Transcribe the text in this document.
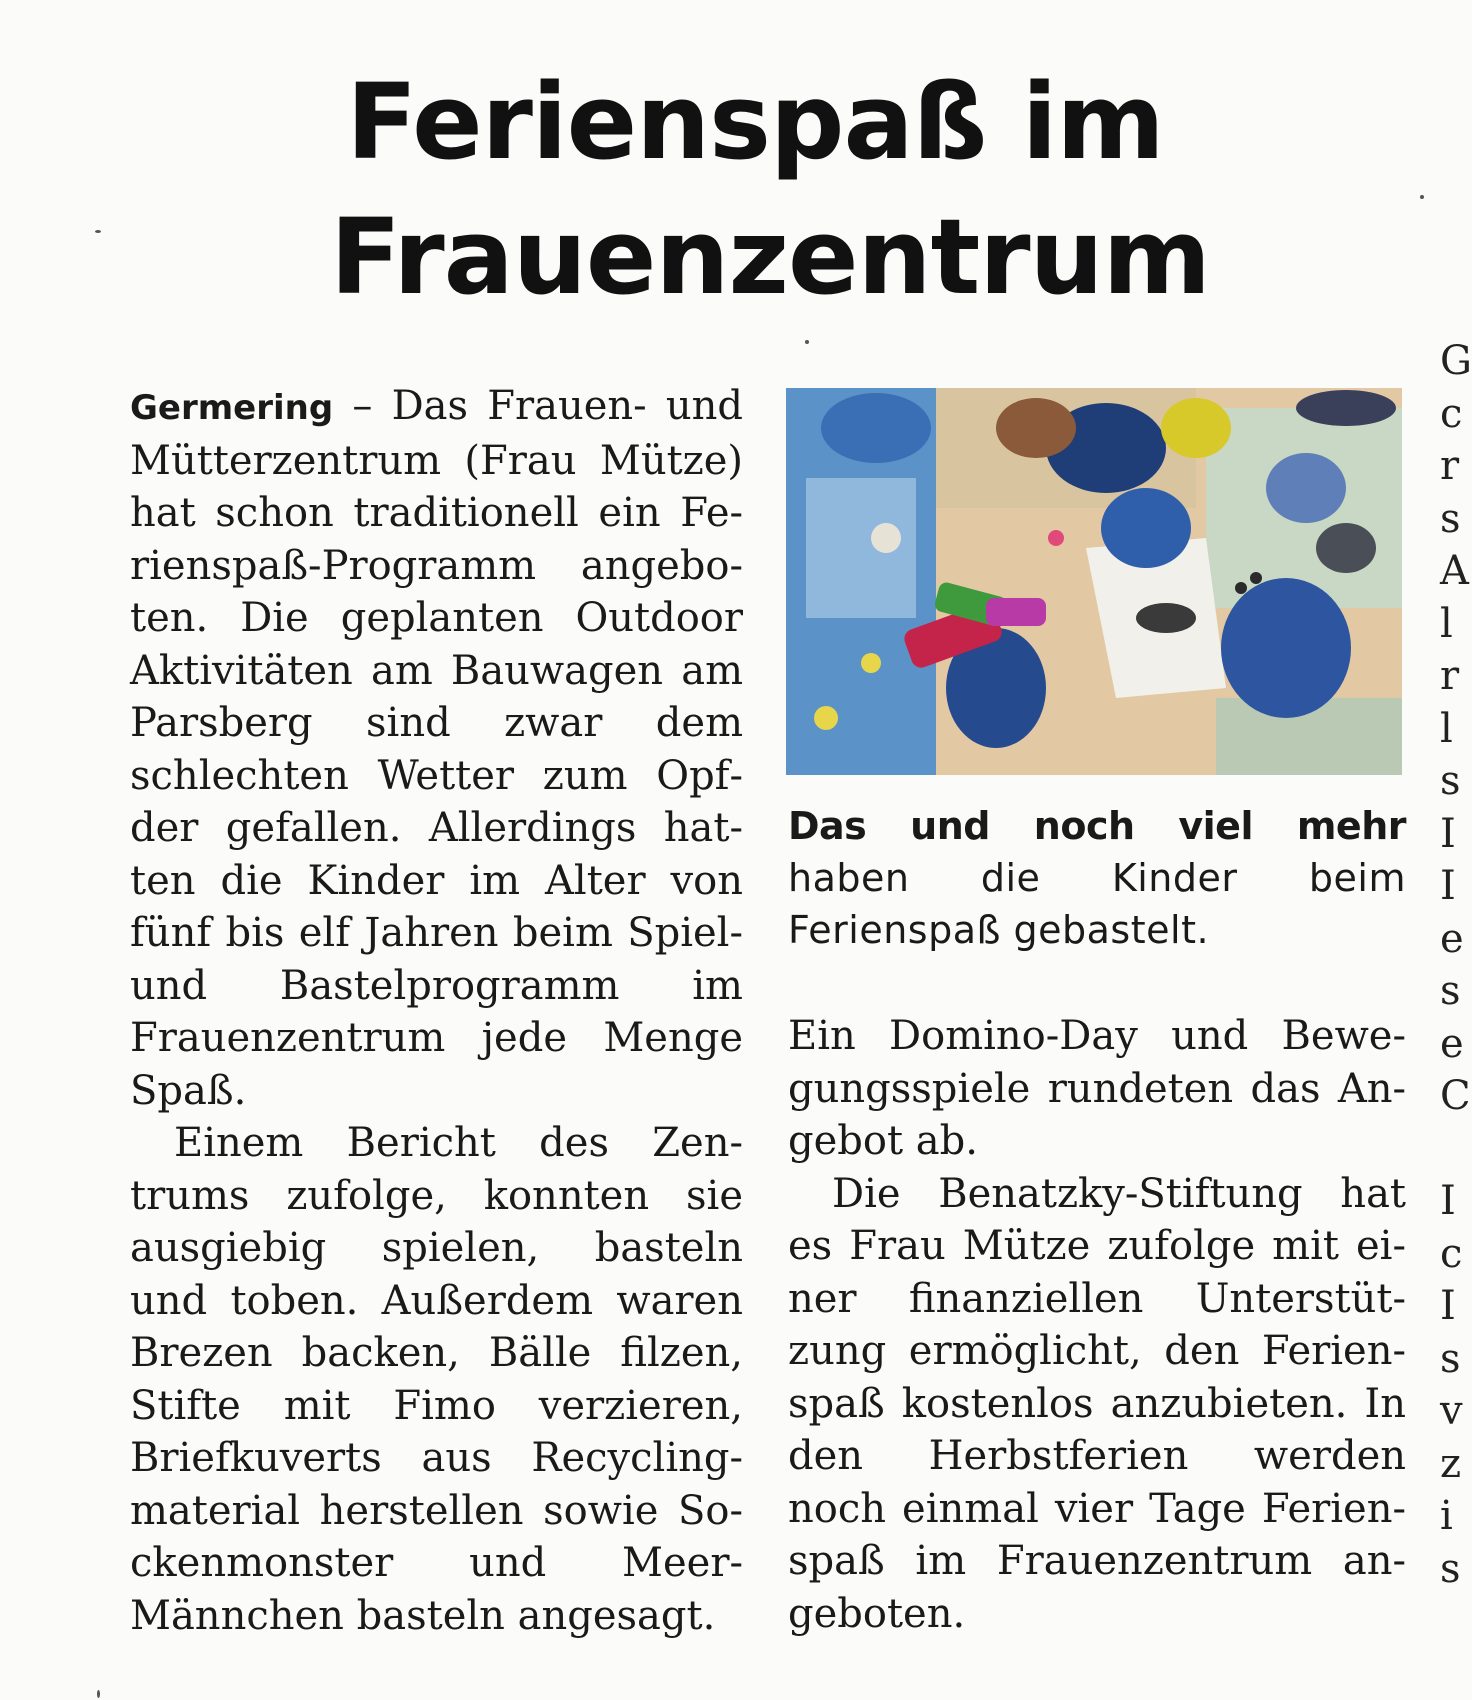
Ferienspaß im
Frauenzentrum

Germering – Das Frauen- und Mütterzentrum (Frau Mütze) hat schon traditionell ein Ferienspaß-Programm angeboten. Die geplanten Outdoor Aktivitäten am Bauwagen am Parsberg sind zwar dem schlechten Wetter zum Opfder gefallen. Allerdings hatten die Kinder im Alter von fünf bis elf Jahren beim Spiel- und Bastelprogramm im Frauenzentrum jede Menge Spaß.

Einem Bericht des Zentrums zufolge, konnten sie ausgiebig spielen, basteln und toben. Außerdem waren Brezen backen, Bälle filzen, Stifte mit Fimo verzieren, Briefkuverts aus Recyclingmaterial herstellen sowie Sockenmonster und Meer-Männchen basteln angesagt.

Das und noch viel mehr haben die Kinder beim Ferienspaß gebastelt.

Ein Domino-Day und Bewegungsspiele rundeten das Angebot ab.

Die Benatzky-Stiftung hat es Frau Mütze zufolge mit einer finanziellen Unterstützung ermöglicht, den Ferienspaß kostenlos anzubieten. In den Herbstferien werden noch einmal vier Tage Ferienspaß im Frauenzentrum angeboten.

G
c
r
s
A
l
r
l
s
I
I
e
s
e
C

I
c
I
s
v
z
i
s
